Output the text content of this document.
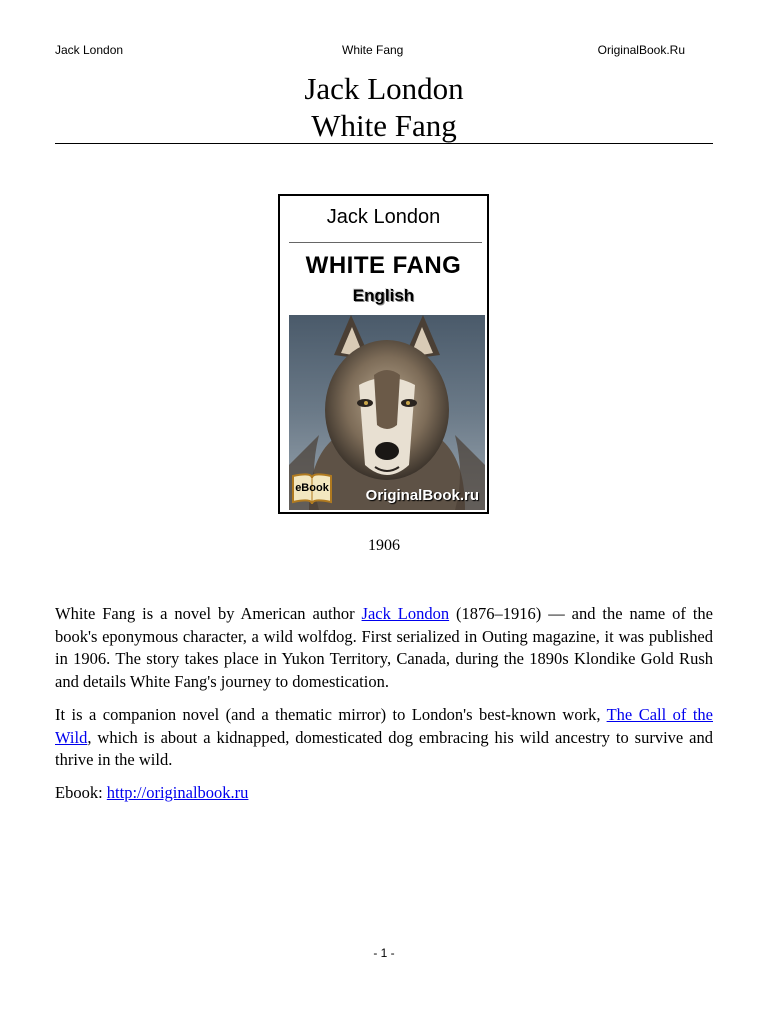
Jack London	White Fang	OriginalBook.Ru
Jack London
White Fang
Jack London
WHITE FANG
English
eBook OriginalBook.ru
1906

White Fang is a novel by American author Jack London (1876–1916) — and the name of the book's eponymous character, a wild wolfdog. First serialized in Outing magazine, it was published in 1906. The story takes place in Yukon Territory, Canada, during the 1890s Klondike Gold Rush and details White Fang's journey to domestication.

It is a companion novel (and a thematic mirror) to London's best-known work, The Call of the Wild, which is about a kidnapped, domesticated dog embracing his wild ancestry to survive and thrive in the wild.

Ebook: http://originalbook.ru

- 1 -
